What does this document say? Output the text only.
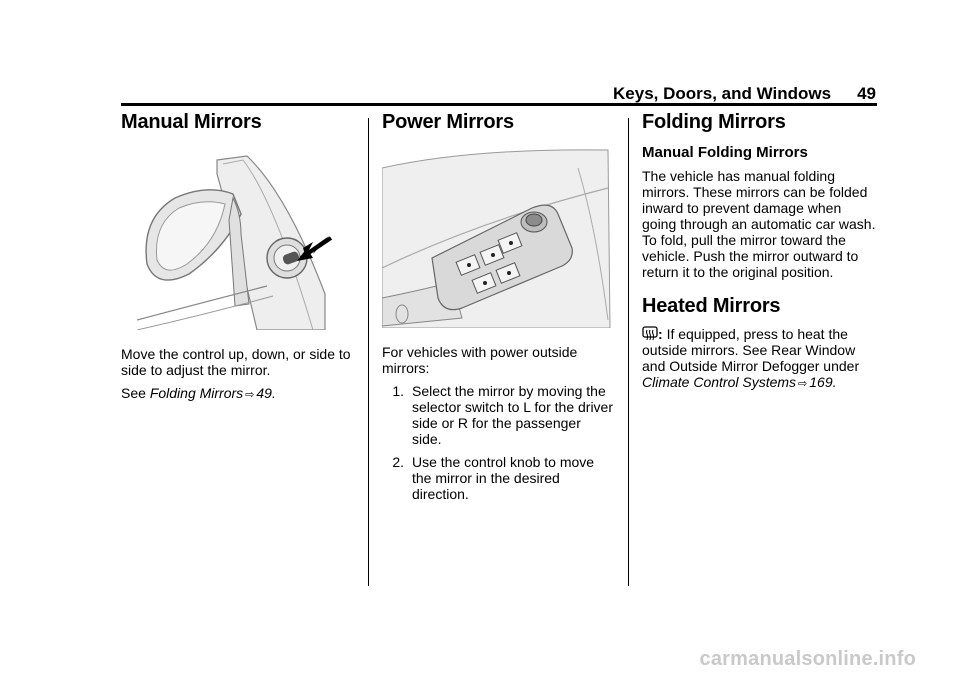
Keys, Doors, and Windows 49
Manual Mirrors

Move the control up, down, or side to side to adjust the mirror.

See Folding Mirrors ⇨ 49.

Power Mirrors

For vehicles with power outside mirrors:

1. Select the mirror by moving the selector switch to L for the driver side or R for the passenger side.
2. Use the control knob to move the mirror in the desired direction.
Folding Mirrors
Manual Folding Mirrors

The vehicle has manual folding mirrors. These mirrors can be folded inward to prevent damage when going through an automatic car wash. To fold, pull the mirror toward the vehicle. Push the mirror outward to return it to the original position.

Heated Mirrors

: If equipped, press to heat the outside mirrors. See Rear Window and Outside Mirror Defogger under Climate Control Systems ⇨ 169.

carmanualsonline.info
